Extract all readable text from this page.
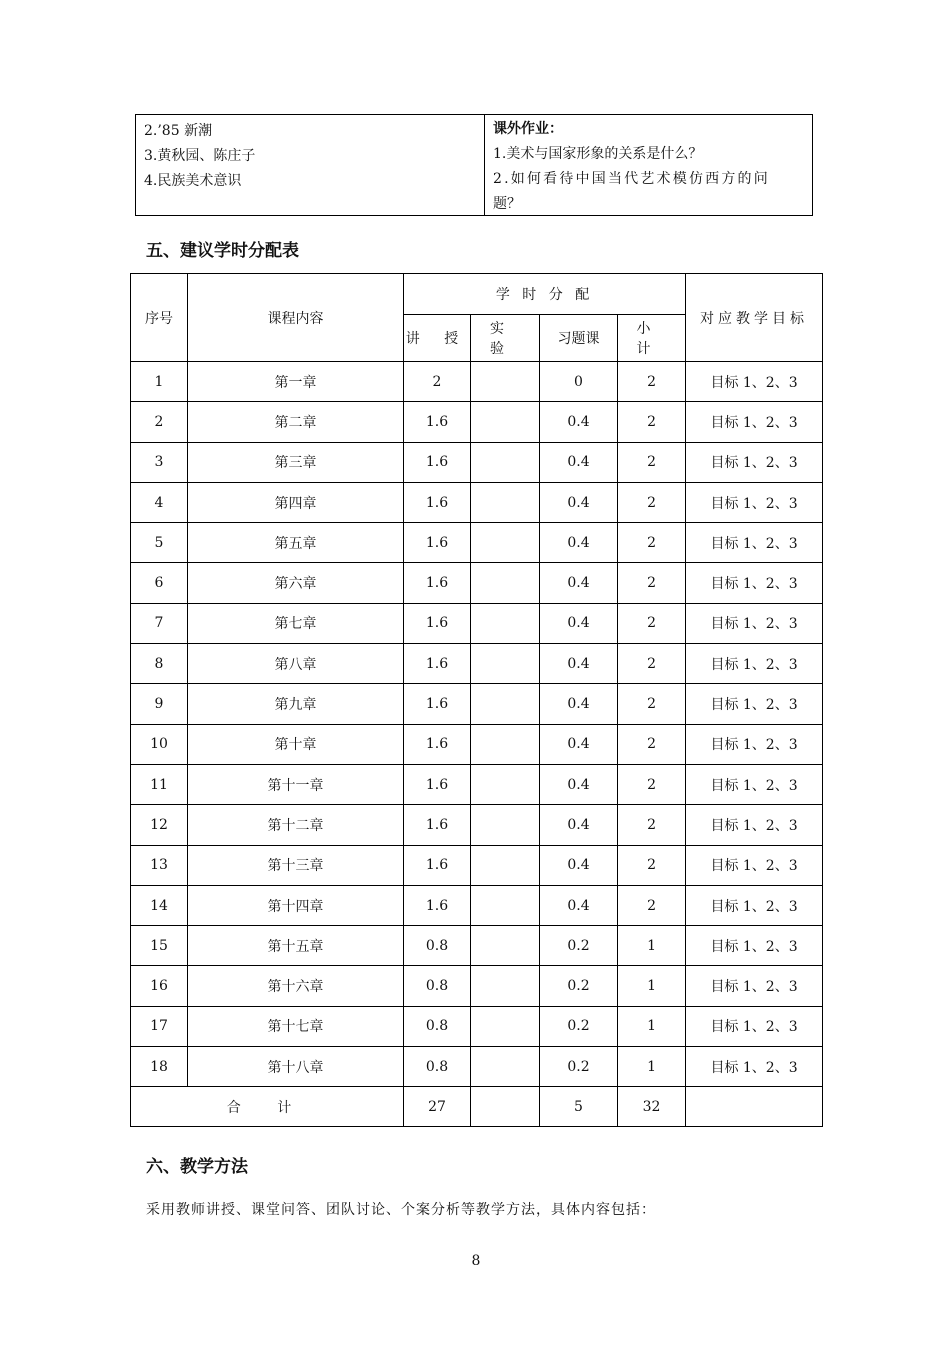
2.’85 新潮
3.黄秋园、陈庄子
4.民族美术意识
课外作业：
1.美术与国家形象的关系是什么？
2.如何看待中国当代艺术模仿西方的问
题？
五、建议学时分配表
序号	课程内容	学 时 分 配				对应教学目标
		讲 授	实 验	习题课	小 计	
1	第一章	2		0	2	目标 1、2、3
2	第二章	1.6		0.4	2	目标 1、2、3
3	第三章	1.6		0.4	2	目标 1、2、3
4	第四章	1.6		0.4	2	目标 1、2、3
5	第五章	1.6		0.4	2	目标 1、2、3
6	第六章	1.6		0.4	2	目标 1、2、3
7	第七章	1.6		0.4	2	目标 1、2、3
8	第八章	1.6		0.4	2	目标 1、2、3
9	第九章	1.6		0.4	2	目标 1、2、3
10	第十章	1.6		0.4	2	目标 1、2、3
11	第十一章	1.6		0.4	2	目标 1、2、3
12	第十二章	1.6		0.4	2	目标 1、2、3
13	第十三章	1.6		0.4	2	目标 1、2、3
14	第十四章	1.6		0.4	2	目标 1、2、3
15	第十五章	0.8		0.2	1	目标 1、2、3
16	第十六章	0.8		0.2	1	目标 1、2、3
17	第十七章	0.8		0.2	1	目标 1、2、3
18	第十八章	0.8		0.2	1	目标 1、2、3
合 计		27		5	32	
六、教学方法
采用教师讲授、课堂问答、团队讨论、个案分析等教学方法，具体内容包括：
8
